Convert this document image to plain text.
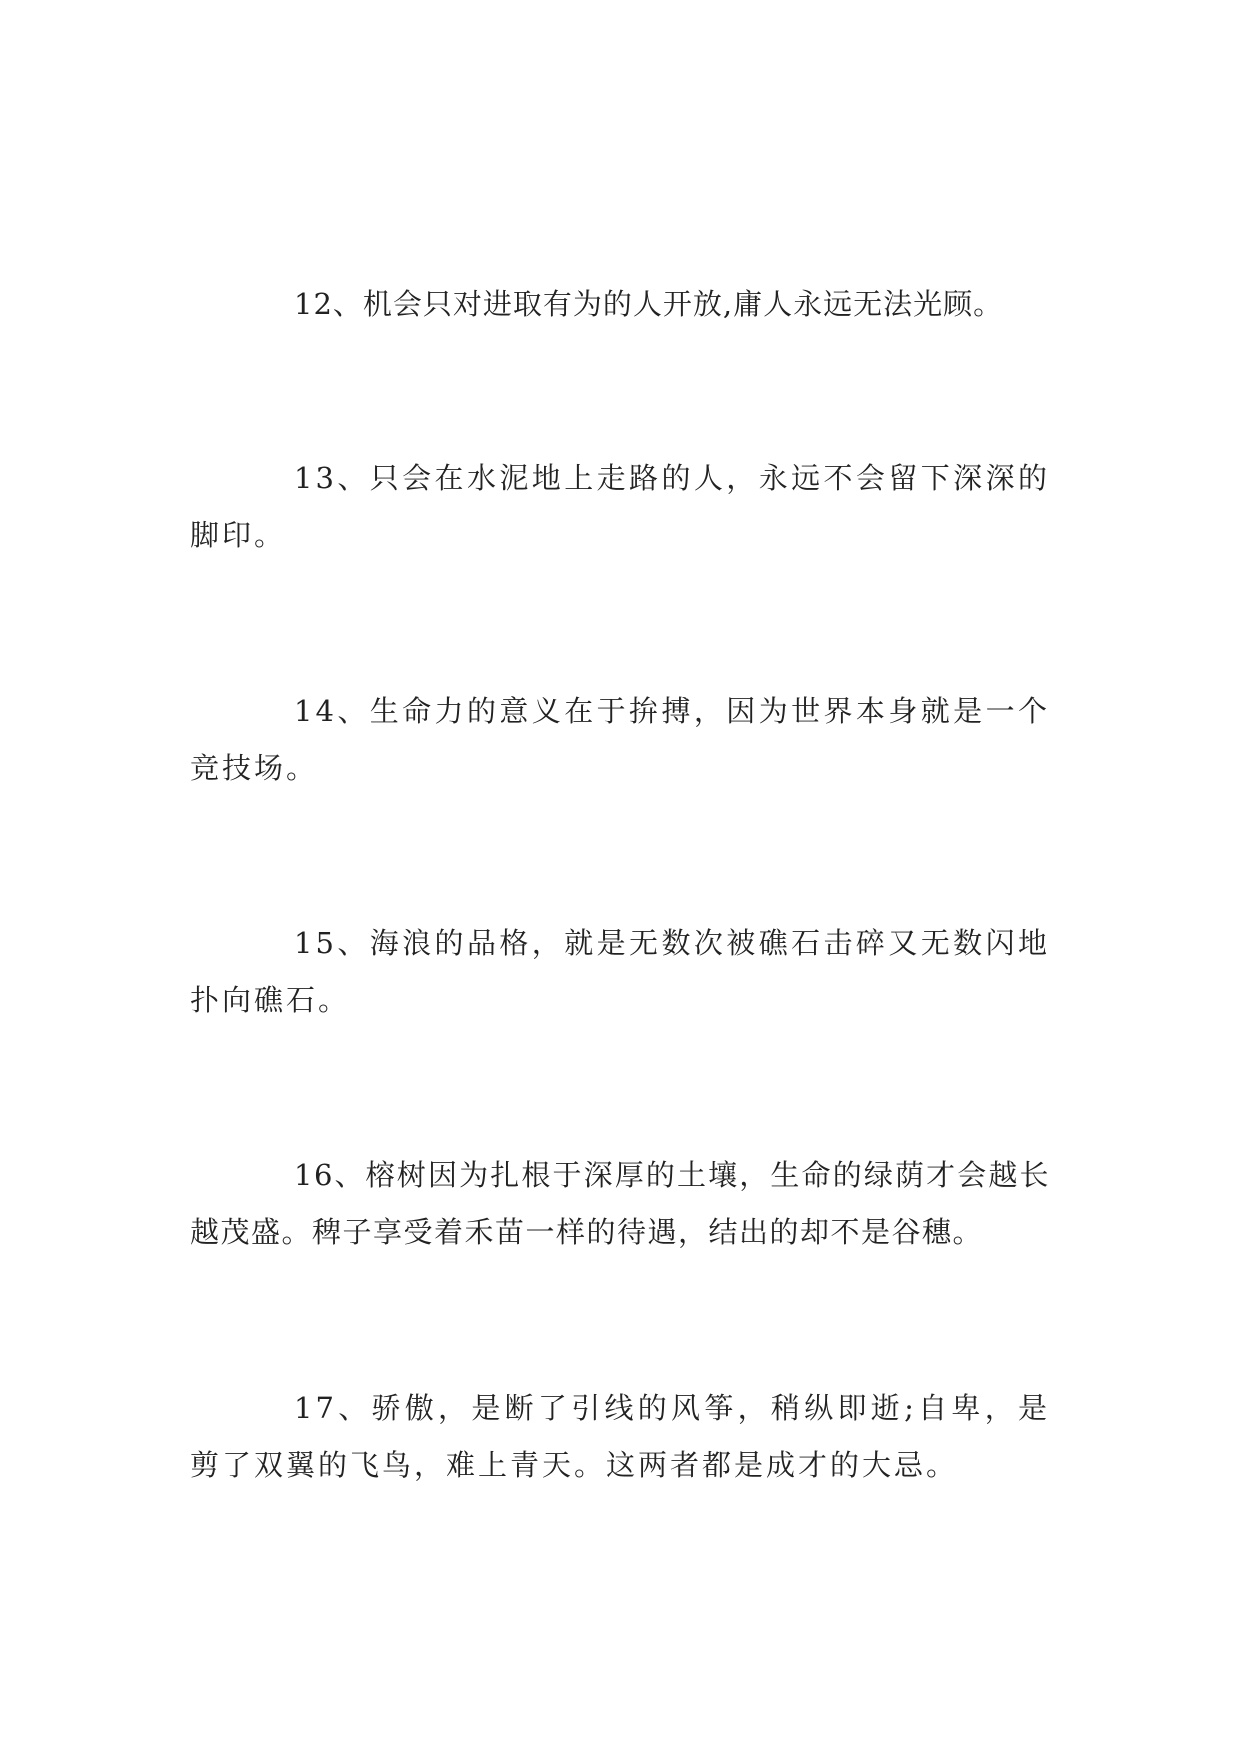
12、机会只对进取有为的人开放,庸人永远无法光顾。

13、只会在水泥地上走路的人，永远不会留下深深的脚印。

14、生命力的意义在于拚搏，因为世界本身就是一个竞技场。

15、海浪的品格，就是无数次被礁石击碎又无数闪地扑向礁石。

16、榕树因为扎根于深厚的土壤，生命的绿荫才会越长越茂盛。稗子享受着禾苗一样的待遇，结出的却不是谷穗。

17、骄傲，是断了引线的风筝，稍纵即逝;自卑，是剪了双翼的飞鸟，难上青天。这两者都是成才的大忌。
